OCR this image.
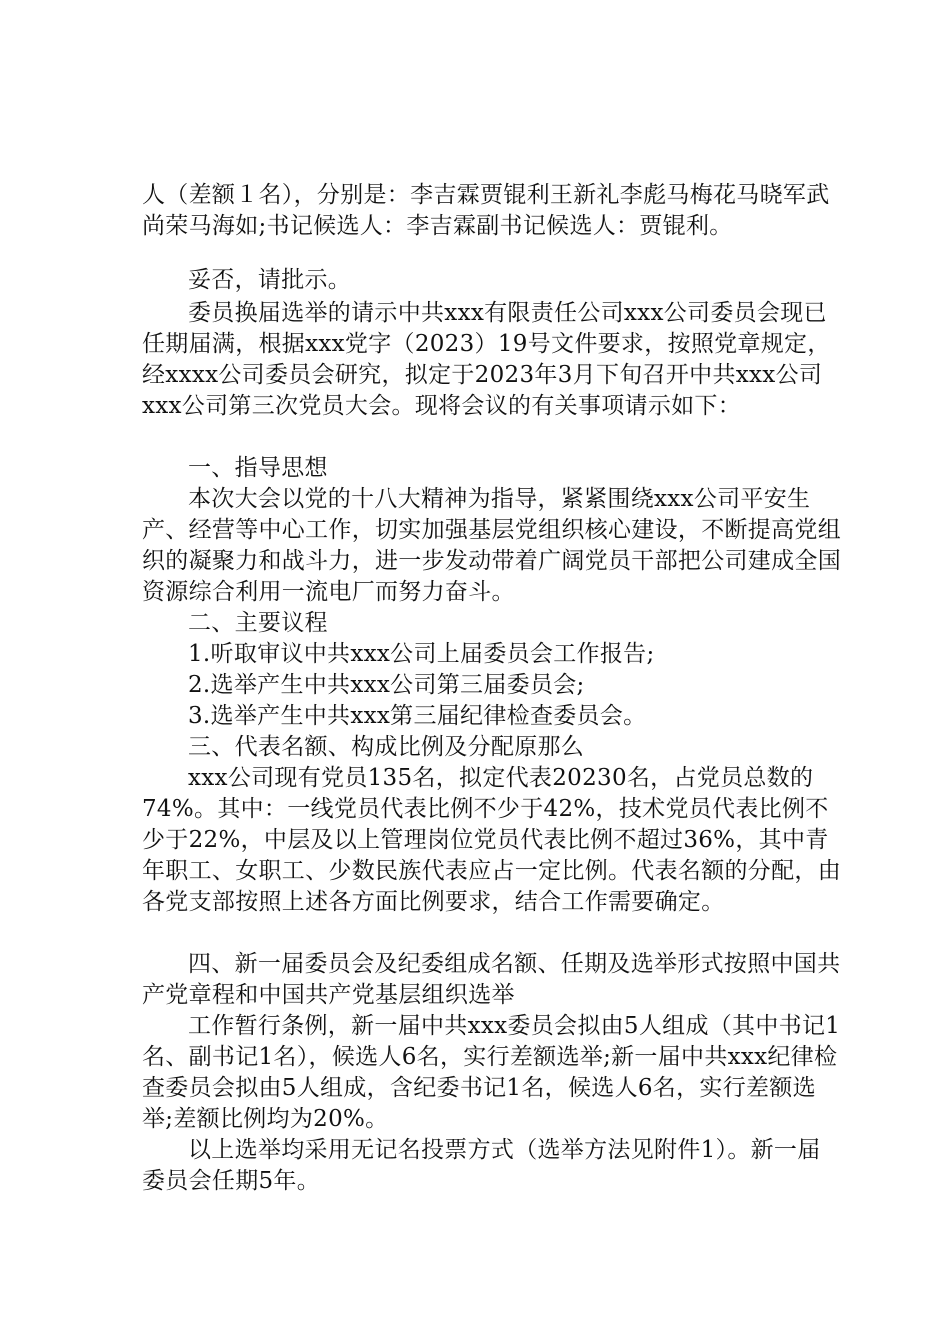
人（差额１名），分别是：李吉霖贾锟利王新礼李彪马梅花马晓军武尚荣马海如;书记候选人：李吉霖副书记候选人：贾锟利。
妥否，请批示。
委员换届选举的请示中共xxx有限责任公司xxx公司委员会现已任期届满，根据xxx党字（2023）19号文件要求，按照党章规定，经xxxx公司委员会研究，拟定于2023年3月下旬召开中共xxx公司xxx公司第三次党员大会。现将会议的有关事项请示如下：
一、指导思想
本次大会以党的十八大精神为指导，紧紧围绕xxx公司平安生产、经营等中心工作，切实加强基层党组织核心建设，不断提高党组织的凝聚力和战斗力，进一步发动带着广阔党员干部把公司建成全国资源综合利用一流电厂而努力奋斗。
二、主要议程
1.听取审议中共xxx公司上届委员会工作报告;
2.选举产生中共xxx公司第三届委员会;
3.选举产生中共xxx第三届纪律检查委员会。
三、代表名额、构成比例及分配原那么
xxx公司现有党员135名，拟定代表20230名，占党员总数的74%。其中：一线党员代表比例不少于42%，技术党员代表比例不少于22%，中层及以上管理岗位党员代表比例不超过36%，其中青年职工、女职工、少数民族代表应占一定比例。代表名额的分配，由各党支部按照上述各方面比例要求，结合工作需要确定。
四、新一届委员会及纪委组成名额、任期及选举形式按照中国共产党章程和中国共产党基层组织选举
工作暂行条例，新一届中共xxx委员会拟由5人组成（其中书记1名、副书记1名），候选人6名，实行差额选举;新一届中共xxx纪律检查委员会拟由5人组成，含纪委书记1名，候选人6名，实行差额选举;差额比例均为20%。
以上选举均采用无记名投票方式（选举方法见附件1）。新一届委员会任期5年。
